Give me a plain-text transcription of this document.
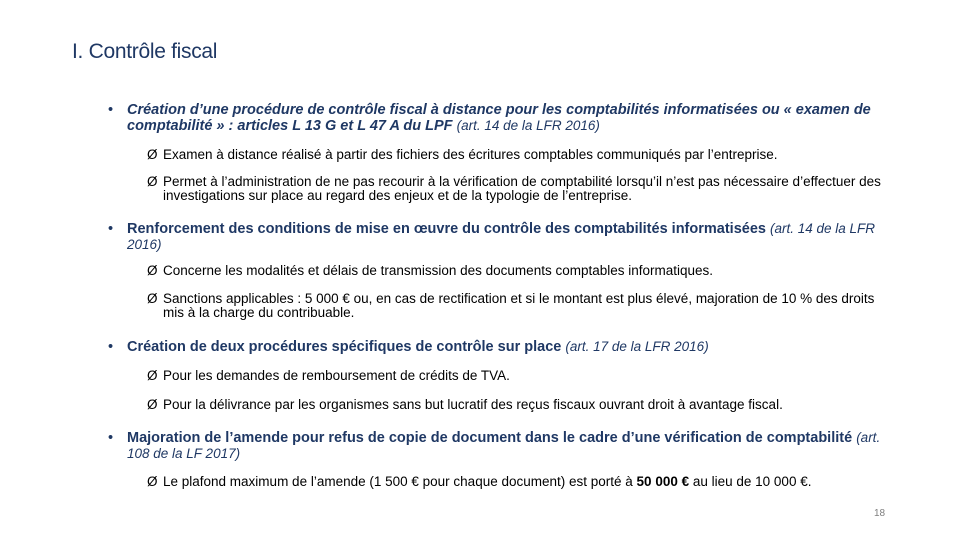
I. Contrôle fiscal
• Création d’une procédure de contrôle fiscal à distance pour les comptabilités informatisées ou « examen de comptabilité » : articles L 13 G et L 47 A du LPF (art. 14 de la LFR 2016)
Ø Examen à distance réalisé à partir des fichiers des écritures comptables communiqués par l’entreprise.
Ø Permet à l’administration de ne pas recourir à la vérification de comptabilité lorsqu’il n’est pas nécessaire d’effectuer des investigations sur place au regard des enjeux et de la typologie de l’entreprise.
• Renforcement des conditions de mise en œuvre du contrôle des comptabilités informatisées (art. 14 de la LFR 2016)
Ø Concerne les modalités et délais de transmission des documents comptables informatiques.
Ø Sanctions applicables : 5 000 € ou, en cas de rectification et si le montant est plus élevé, majoration de 10 % des droits mis à la charge du contribuable.
• Création de deux procédures spécifiques de contrôle sur place (art. 17 de la LFR 2016)
Ø Pour les demandes de remboursement de crédits de TVA.
Ø Pour la délivrance par les organismes sans but lucratif des reçus fiscaux ouvrant droit à avantage fiscal.
• Majoration de l’amende pour refus de copie de document dans le cadre d’une vérification de comptabilité (art. 108 de la LF 2017)
Ø Le plafond maximum de l’amende (1 500 € pour chaque document) est porté à 50 000 € au lieu de 10 000 €.
18
